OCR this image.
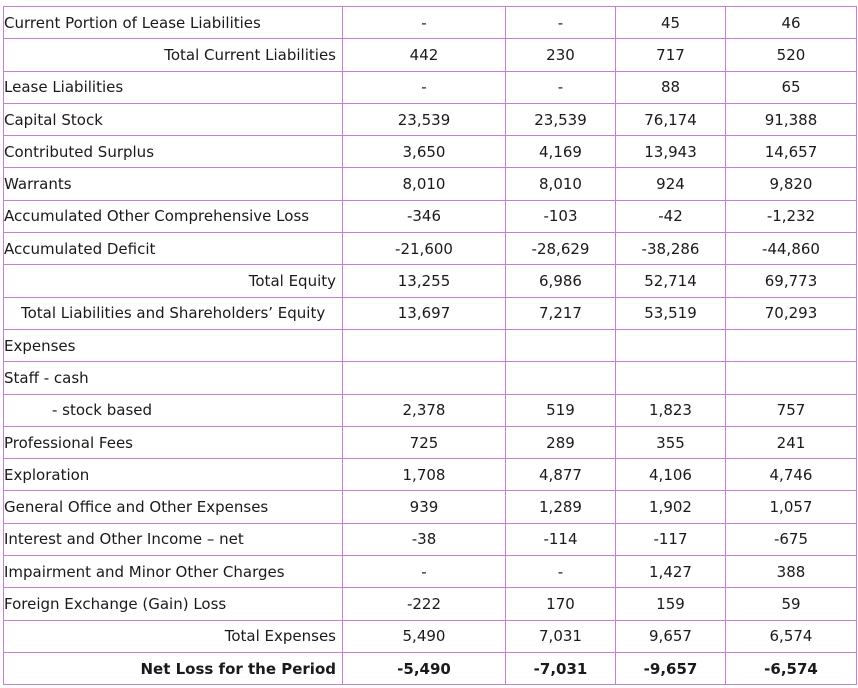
Current Portion of Lease Liabilities	-	-	45	46
Total Current Liabilities	442	230	717	520
Lease Liabilities	-	-	88	65
Capital Stock	23,539	23,539	76,174	91,388
Contributed Surplus	3,650	4,169	13,943	14,657
Warrants	8,010	8,010	924	9,820
Accumulated Other Comprehensive Loss	-346	-103	-42	-1,232
Accumulated Deficit	-21,600	-28,629	-38,286	-44,860
Total Equity	13,255	6,986	52,714	69,773
Total Liabilities and Shareholders’ Equity	13,697	7,217	53,519	70,293
Expenses				
Staff - cash				
- stock based	2,378	519	1,823	757
Professional Fees	725	289	355	241
Exploration	1,708	4,877	4,106	4,746
General Office and Other Expenses	939	1,289	1,902	1,057
Interest and Other Income – net	-38	-114	-117	-675
Impairment and Minor Other Charges	-	-	1,427	388
Foreign Exchange (Gain) Loss	-222	170	159	59
Total Expenses	5,490	7,031	9,657	6,574
Net Loss for the Period	-5,490	-7,031	-9,657	-6,574
